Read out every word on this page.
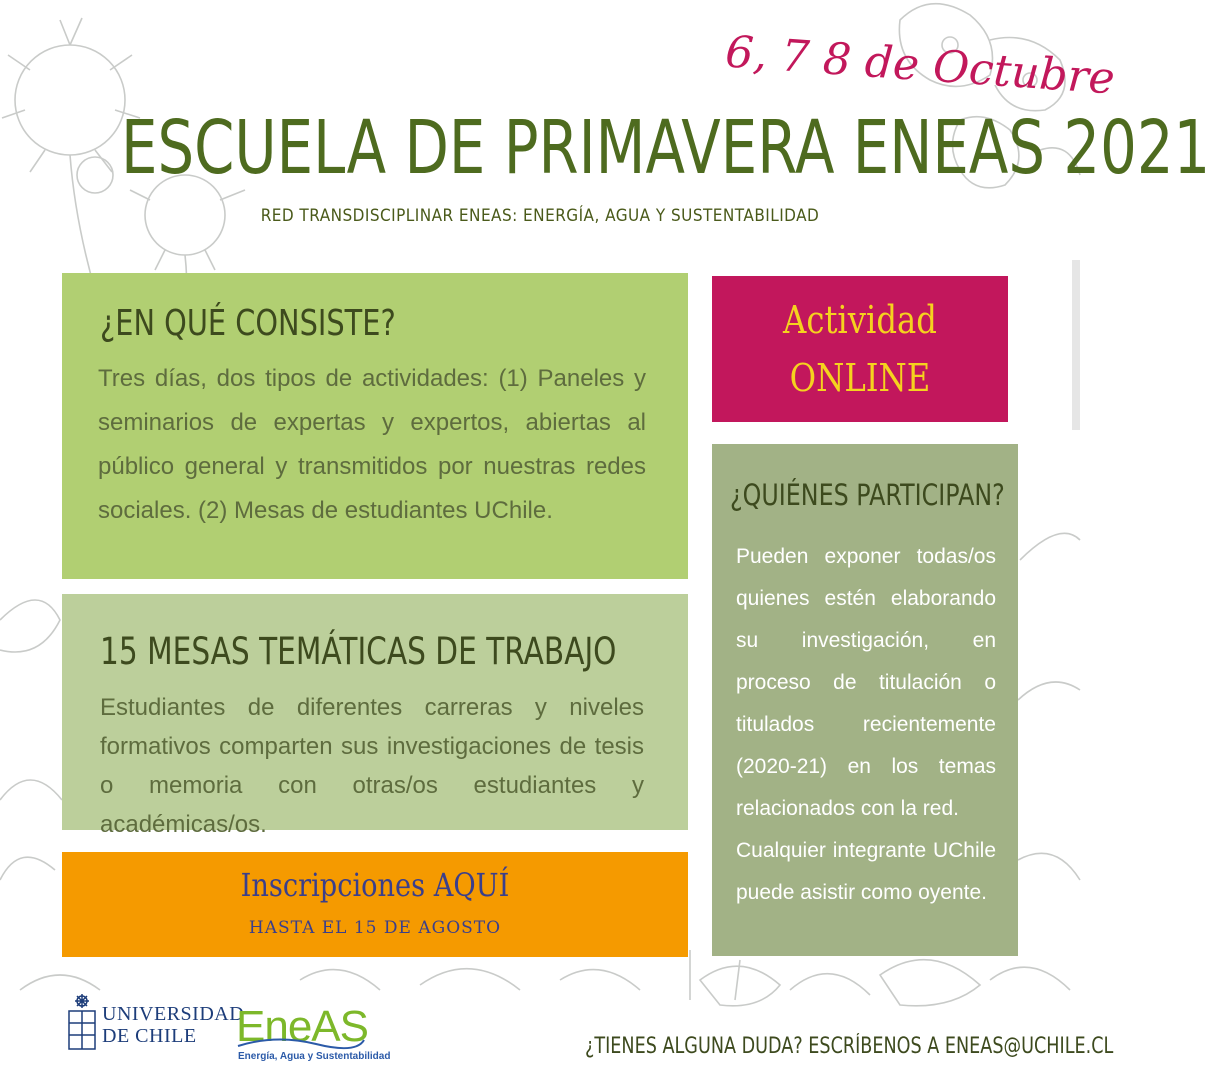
6, 7 8 de Octubre
ESCUELA DE PRIMAVERA ENEAS 2021
RED TRANSDISCIPLINAR ENEAS: ENERGÍA, AGUA Y SUSTENTABILIDAD
¿EN QUÉ CONSISTE?

Tres días, dos tipos de actividades: (1) Paneles y seminarios de expertas y expertos, abiertas al público general y transmitidos por nuestras redes sociales. (2) Mesas de estudiantes UChile.

15 MESAS TEMÁTICAS DE TRABAJO

Estudiantes de diferentes carreras y niveles formativos comparten sus investigaciones de tesis o memoria con otras/os estudiantes y académicas/os.

Inscripciones AQUÍ
HASTA EL 15 DE AGOSTO
Actividad
ONLINE
¿QUIÉNES PARTICIPAN?

Pueden exponer todas/os quienes estén elaborando su investigación, en proceso de titulación o titulados recientemente (2020-21) en los temas relacionados con la red.
Cualquier integrante UChile puede asistir como oyente.

UNIVERSIDAD
DE CHILE EneAS
Energía, Agua y Sustentabilidad	¿TIENES ALGUNA DUDA? ESCRÍBENOS A ENEAS@UCHILE.CL
